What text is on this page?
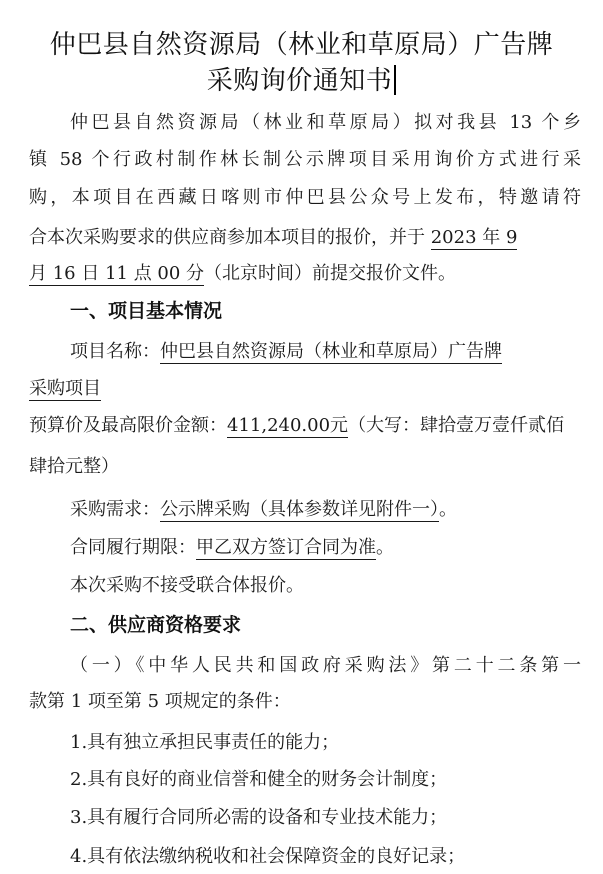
仲巴县自然资源局（林业和草原局）广告牌
采购询价通知书
仲巴县自然资源局（林业和草原局）拟对我县 13 个乡
镇 58 个行政村制作林长制公示牌项目采用询价方式进行采
购，本项目在西藏日喀则市仲巴县公众号上发布，特邀请符
合本次采购要求的供应商参加本项目的报价，并于 2023 年 9
月 16 日 11 点 00 分（北京时间）前提交报价文件。
一、项目基本情况
项目名称：仲巴县自然资源局（林业和草原局）广告牌
采购项目
预算价及最高限价金额：411,240.00元（大写：肆拾壹万壹仟贰佰
肆拾元整）
采购需求：公示牌采购（具体参数详见附件一）。
合同履行期限：甲乙双方签订合同为准。
本次采购不接受联合体报价。
二、供应商资格要求
（一）《中华人民共和国政府采购法》第二十二条第一
款第 1 项至第 5 项规定的条件：
1.具有独立承担民事责任的能力；
2.具有良好的商业信誉和健全的财务会计制度；
3.具有履行合同所必需的设备和专业技术能力；
4.具有依法缴纳税收和社会保障资金的良好记录；
